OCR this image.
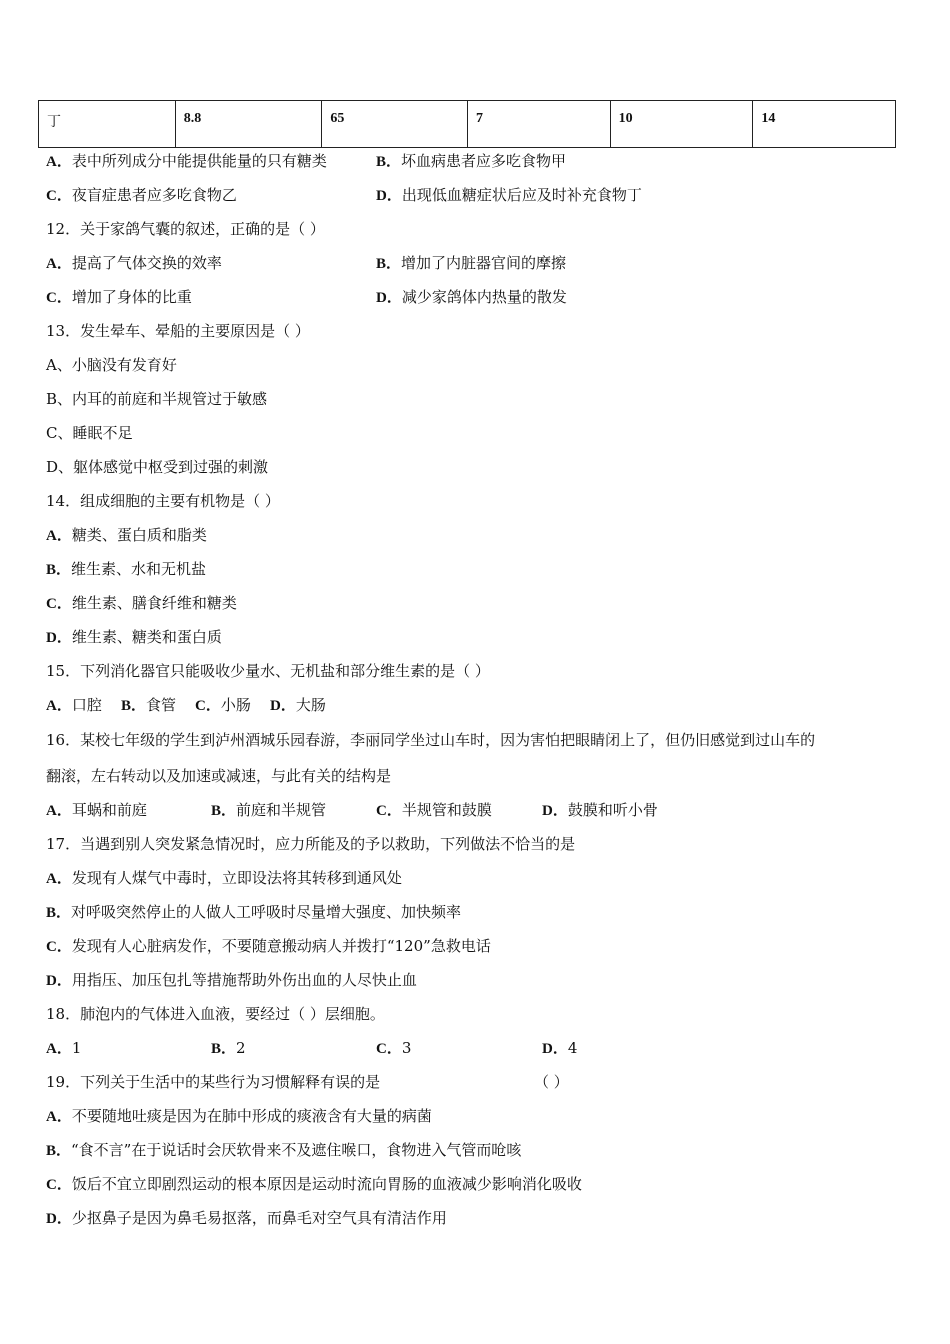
丁	8.8	65	7	10	14
A．表中所列成分中能提供能量的只有糖类	B．坏血病患者应多吃食物甲
C．夜盲症患者应多吃食物乙	D．出现低血糖症状后应及时补充食物丁
12．关于家鸽气囊的叙述，正确的是（ ）
A．提高了气体交换的效率	B．增加了内脏器官间的摩擦
C．增加了身体的比重	D．减少家鸽体内热量的散发
13．发生晕车、晕船的主要原因是（ ）
A、小脑没有发育好
B、内耳的前庭和半规管过于敏感
C、睡眠不足
D、躯体感觉中枢受到过强的刺激
14．组成细胞的主要有机物是（ ）
A．糖类、蛋白质和脂类
B．维生素、水和无机盐
C．维生素、膳食纤维和糖类
D．维生素、糖类和蛋白质
15．下列消化器官只能吸收少量水、无机盐和部分维生素的是（ ）
A．口腔 B．食管 C．小肠 D．大肠
16．某校七年级的学生到泸州酒城乐园春游，李丽同学坐过山车时，因为害怕把眼睛闭上了，但仍旧感觉到过山车的
翻滚，左右转动以及加速或减速，与此有关的结构是
A．耳蜗和前庭	B．前庭和半规管	C．半规管和鼓膜	D．鼓膜和听小骨
17．当遇到别人突发紧急情况时，应力所能及的予以救助，下列做法不恰当的是
A．发现有人煤气中毒时，立即设法将其转移到通风处
B．对呼吸突然停止的人做人工呼吸时尽量增大强度、加快频率
C．发现有人心脏病发作，不要随意搬动病人并拨打“120”急救电话
D．用指压、加压包扎等措施帮助外伤出血的人尽快止血
18．肺泡内的气体进入血液，要经过（ ）层细胞。
A．1	B．2	C．3	D．4
19．下列关于生活中的某些行为习惯解释有误的是	（ ）
A．不要随地吐痰是因为在肺中形成的痰液含有大量的病菌
B．“食不言”在于说话时会厌软骨来不及遮住喉口，食物进入气管而呛咳
C．饭后不宜立即剧烈运动的根本原因是运动时流向胃肠的血液减少影响消化吸收
D．少抠鼻子是因为鼻毛易抠落，而鼻毛对空气具有清洁作用
